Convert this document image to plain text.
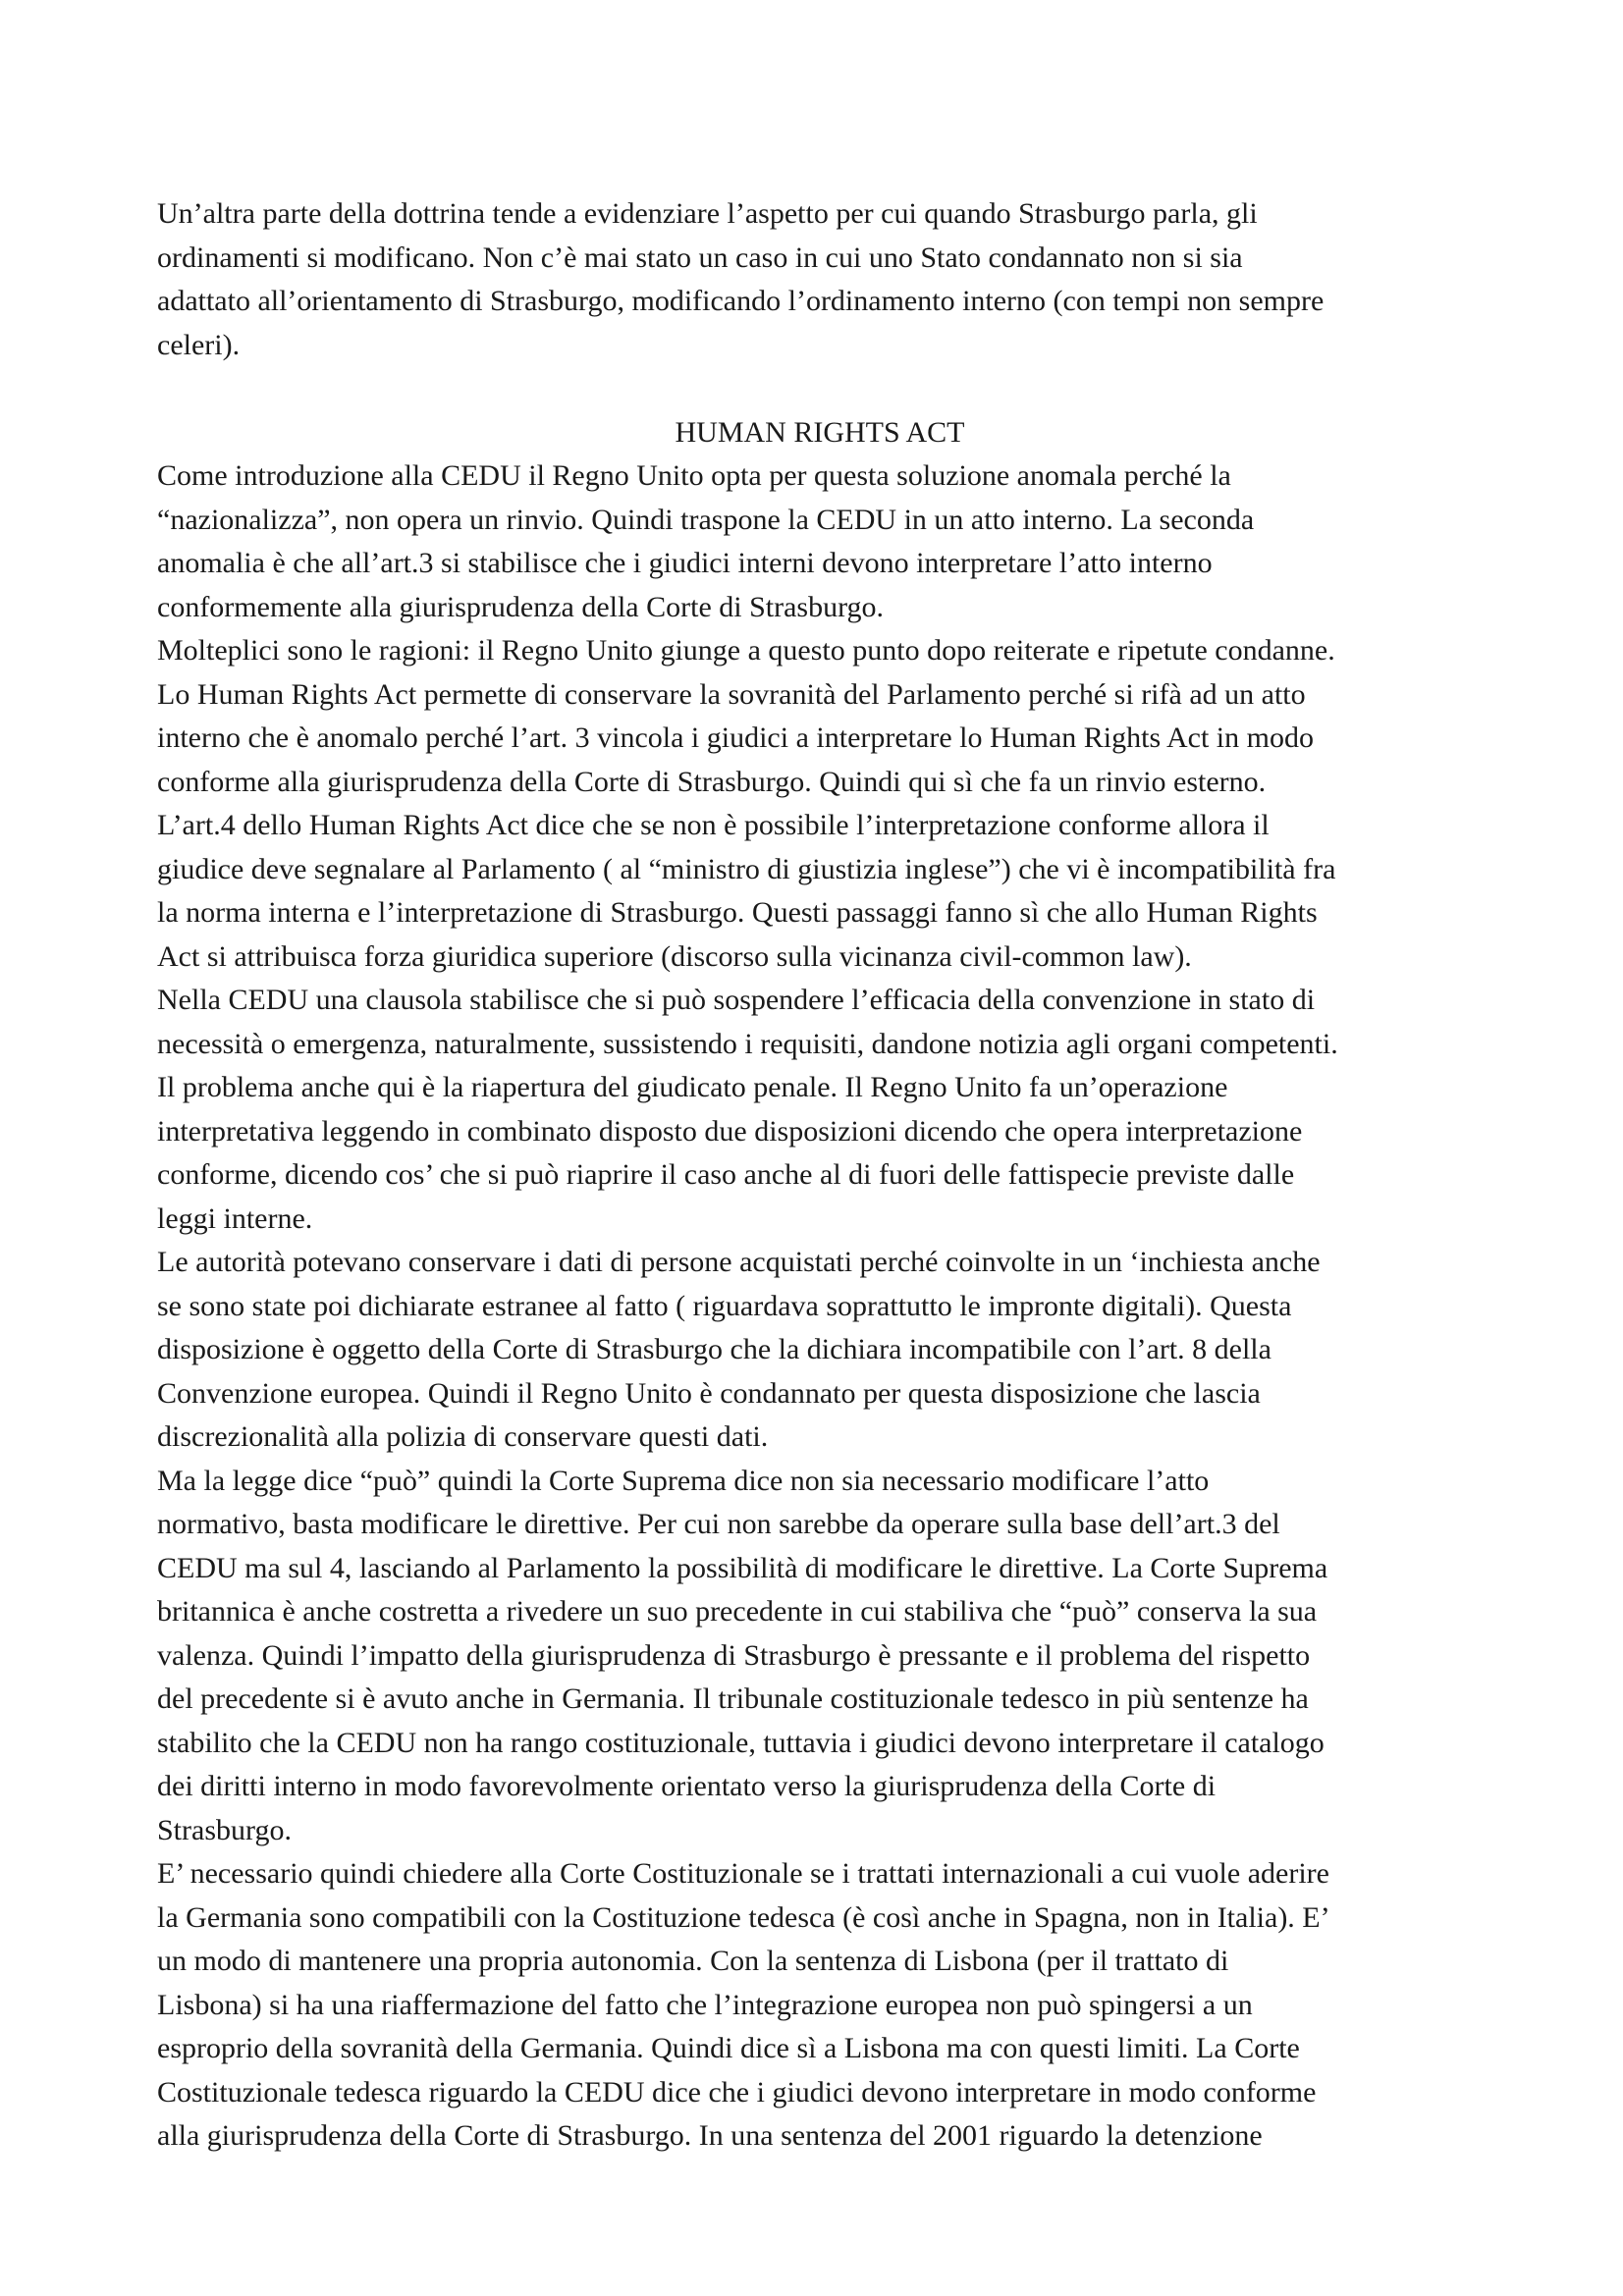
Un’altra parte della dottrina tende a evidenziare l’aspetto per cui quando Strasburgo parla, gli
ordinamenti si modificano. Non c’è mai stato un caso in cui uno Stato condannato non si sia
adattato all’orientamento di Strasburgo, modificando l’ordinamento interno (con tempi non sempre
celeri).
HUMAN RIGHTS ACT
Come introduzione alla CEDU il Regno Unito opta per questa soluzione anomala perché la
“nazionalizza”, non opera un rinvio. Quindi traspone la CEDU in un atto interno. La seconda
anomalia è che all’art.3 si stabilisce che i giudici interni devono interpretare l’atto interno
conformemente alla giurisprudenza della Corte di Strasburgo.
Molteplici sono le ragioni: il Regno Unito giunge a questo punto dopo reiterate e ripetute condanne.
Lo Human Rights Act permette di conservare la sovranità del Parlamento perché si rifà ad un atto
interno che è anomalo perché l’art. 3 vincola i giudici a interpretare lo Human Rights Act in modo
conforme alla giurisprudenza della Corte di Strasburgo. Quindi qui sì che fa un rinvio esterno.
L’art.4 dello Human Rights Act dice che se non è possibile l’interpretazione conforme allora il
giudice deve segnalare al Parlamento ( al “ministro di giustizia inglese”) che vi è incompatibilità fra
la norma interna e l’interpretazione di Strasburgo. Questi passaggi fanno sì che allo Human Rights
Act si attribuisca forza giuridica superiore (discorso sulla vicinanza civil-common law).
Nella CEDU una clausola stabilisce che si può sospendere l’efficacia della convenzione in stato di
necessità o emergenza, naturalmente, sussistendo i requisiti, dandone notizia agli organi competenti.
Il problema anche qui è la riapertura del giudicato penale. Il Regno Unito fa un’operazione
interpretativa leggendo in combinato disposto due disposizioni dicendo che opera interpretazione
conforme, dicendo cos’ che si può riaprire il caso anche al di fuori delle fattispecie previste dalle
leggi interne.
Le autorità potevano conservare i dati di persone acquistati perché coinvolte in un ‘inchiesta anche
se sono state poi dichiarate estranee al fatto ( riguardava soprattutto le impronte digitali). Questa
disposizione è oggetto della Corte di Strasburgo che la dichiara incompatibile con l’art. 8 della
Convenzione europea. Quindi il Regno Unito è condannato per questa disposizione che lascia
discrezionalità alla polizia di conservare questi dati.
Ma la legge dice “può” quindi la Corte Suprema dice non sia necessario modificare l’atto
normativo, basta modificare le direttive. Per cui non sarebbe da operare sulla base dell’art.3 del
CEDU ma sul 4, lasciando al Parlamento la possibilità di modificare le direttive. La Corte Suprema
britannica è anche costretta a rivedere un suo precedente in cui stabiliva che “può” conserva la sua
valenza. Quindi l’impatto della giurisprudenza di Strasburgo è pressante e il problema del rispetto
del precedente si è avuto anche in Germania. Il tribunale costituzionale tedesco in più sentenze ha
stabilito che la CEDU non ha rango costituzionale, tuttavia i giudici devono interpretare il catalogo
dei diritti interno in modo favorevolmente orientato verso la giurisprudenza della Corte di
Strasburgo.
E’ necessario quindi chiedere alla Corte Costituzionale se i trattati internazionali a cui vuole aderire
la Germania sono compatibili con la Costituzione tedesca (è così anche in Spagna, non in Italia). E’
un modo di mantenere una propria autonomia. Con la sentenza di Lisbona (per il trattato di
Lisbona) si ha una riaffermazione del fatto che l’integrazione europea non può spingersi a un
esproprio della sovranità della Germania. Quindi dice sì a Lisbona ma con questi limiti. La Corte
Costituzionale tedesca riguardo la CEDU dice che i giudici devono interpretare in modo conforme
alla giurisprudenza della Corte di Strasburgo. In una sentenza del 2001 riguardo la detenzione
